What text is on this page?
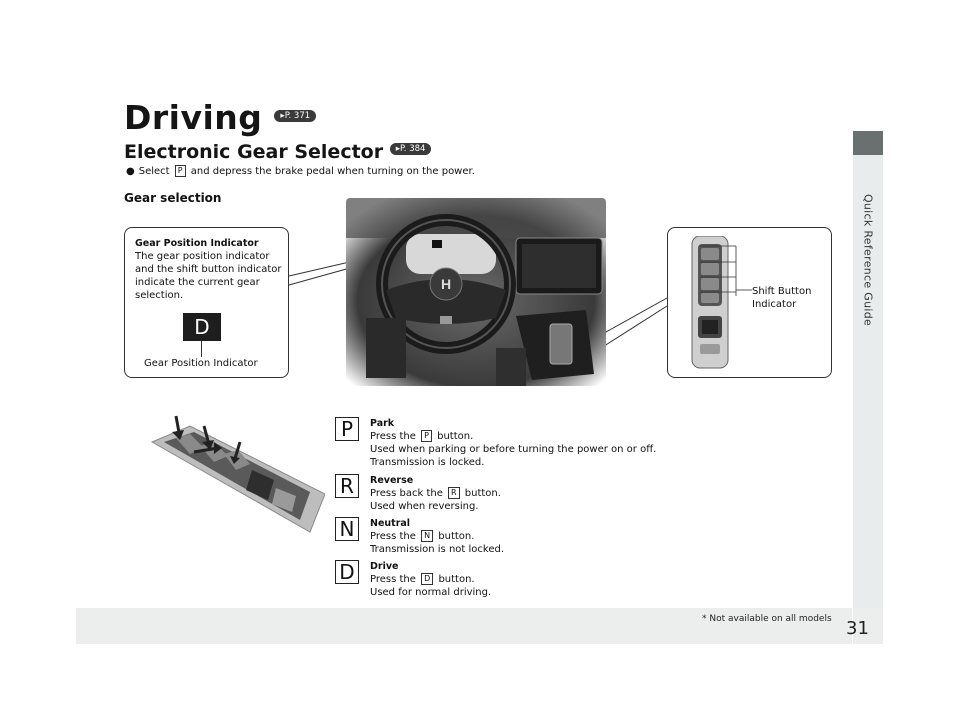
Quick Reference Guide
Driving ▸P. 371
Electronic Gear Selector ▸P. 384
● Select P and depress the brake pedal when turning on the power.
Gear selection
H
Gear Position Indicator
The gear position indicator and the shift button indicator indicate the current gear selection.
D
Gear Position Indicator
Shift Button
Indicator
P	Park
Press the P button.
Used when parking or before turning the power on or off.
Transmission is locked.
R	Reverse
Press back the R button.
Used when reversing.
N	Neutral
Press the N button.
Transmission is not locked.
D	Drive
Press the D button.
Used for normal driving.
* Not available on all models 31
